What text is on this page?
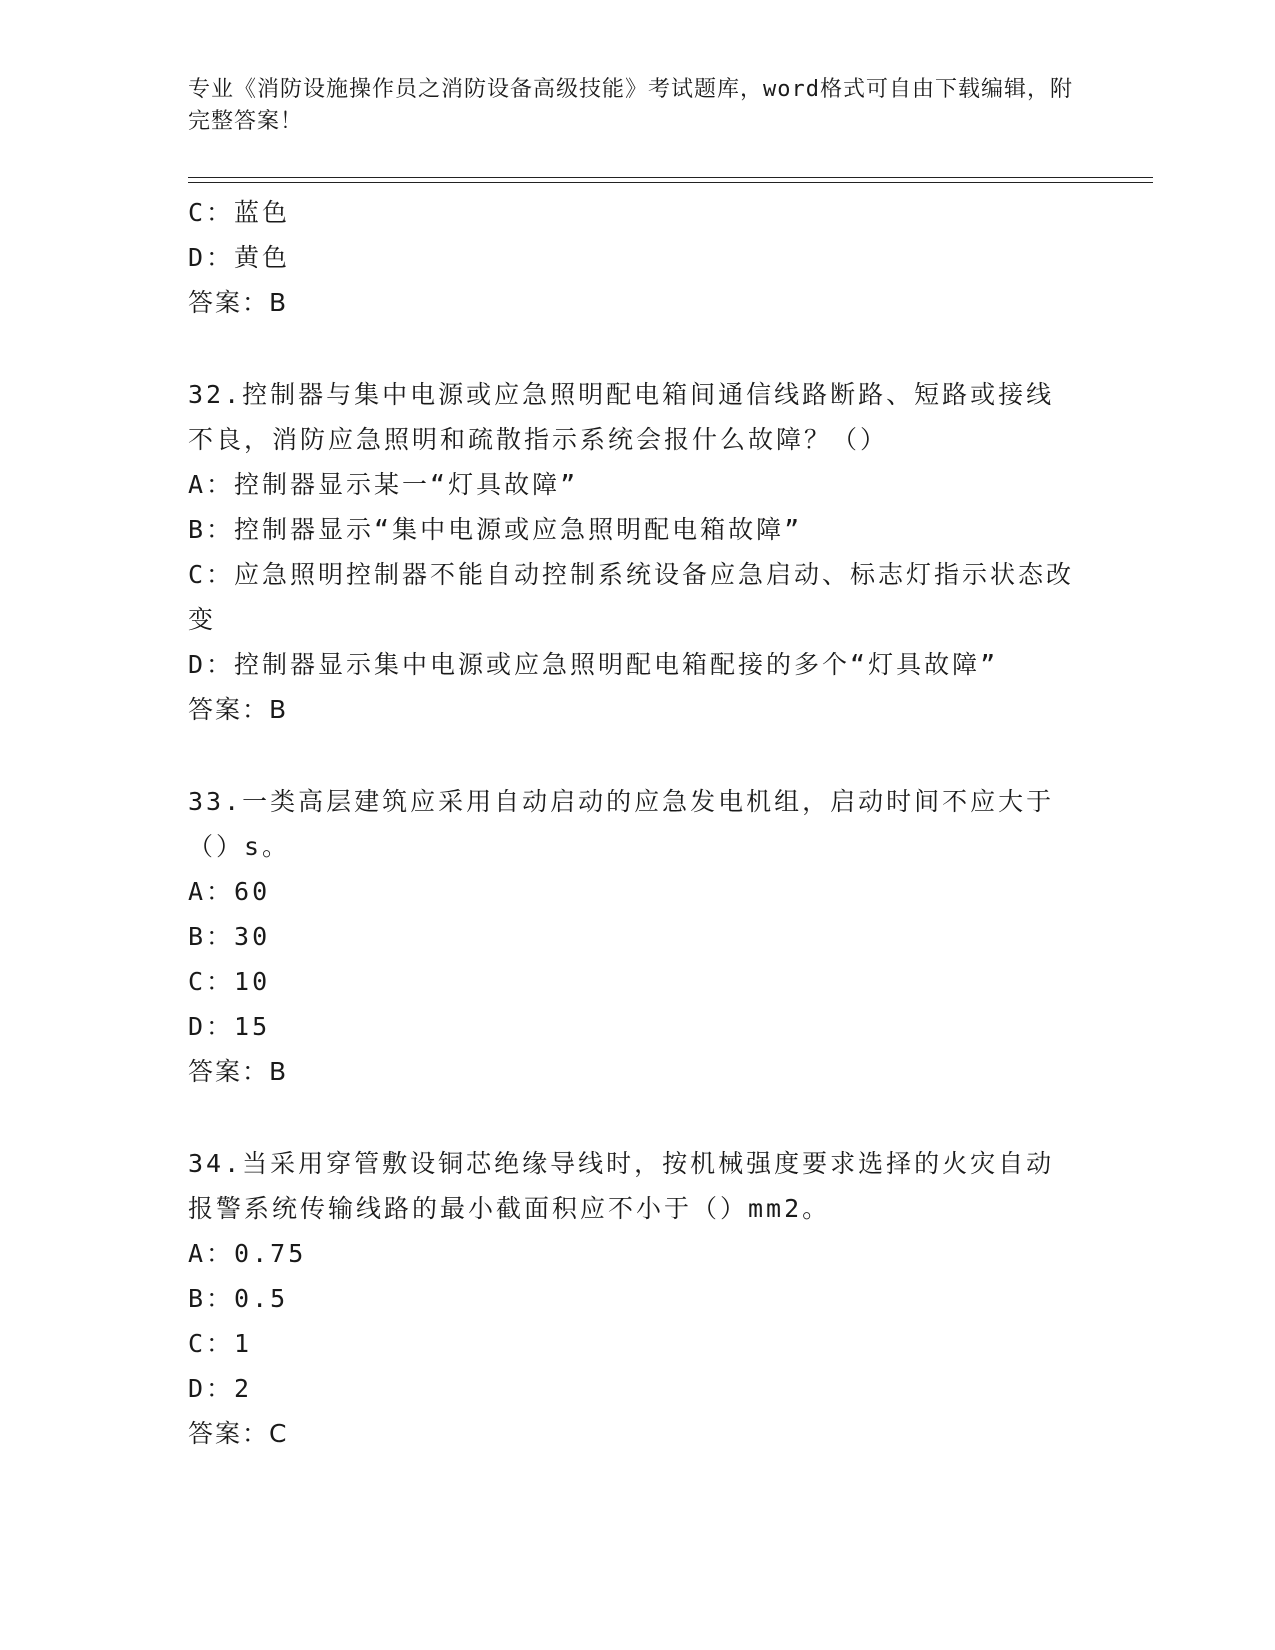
专业《消防设施操作员之消防设备高级技能》考试题库，word格式可自由下载编辑，附完整答案！
C：蓝色
D：黄色
答案：B
32.控制器与集中电源或应急照明配电箱间通信线路断路、短路或接线不良，消防应急照明和疏散指示系统会报什么故障？（）
A：控制器显示某一“灯具故障”
B：控制器显示“集中电源或应急照明配电箱故障”
C：应急照明控制器不能自动控制系统设备应急启动、标志灯指示状态改变
D：控制器显示集中电源或应急照明配电箱配接的多个“灯具故障”
答案：B
33.一类高层建筑应采用自动启动的应急发电机组，启动时间不应大于（）s。
A：60
B：30
C：10
D：15
答案：B
34.当采用穿管敷设铜芯绝缘导线时，按机械强度要求选择的火灾自动报警系统传输线路的最小截面积应不小于（）mm2。
A：0.75
B：0.5
C：1
D：2
答案：C
